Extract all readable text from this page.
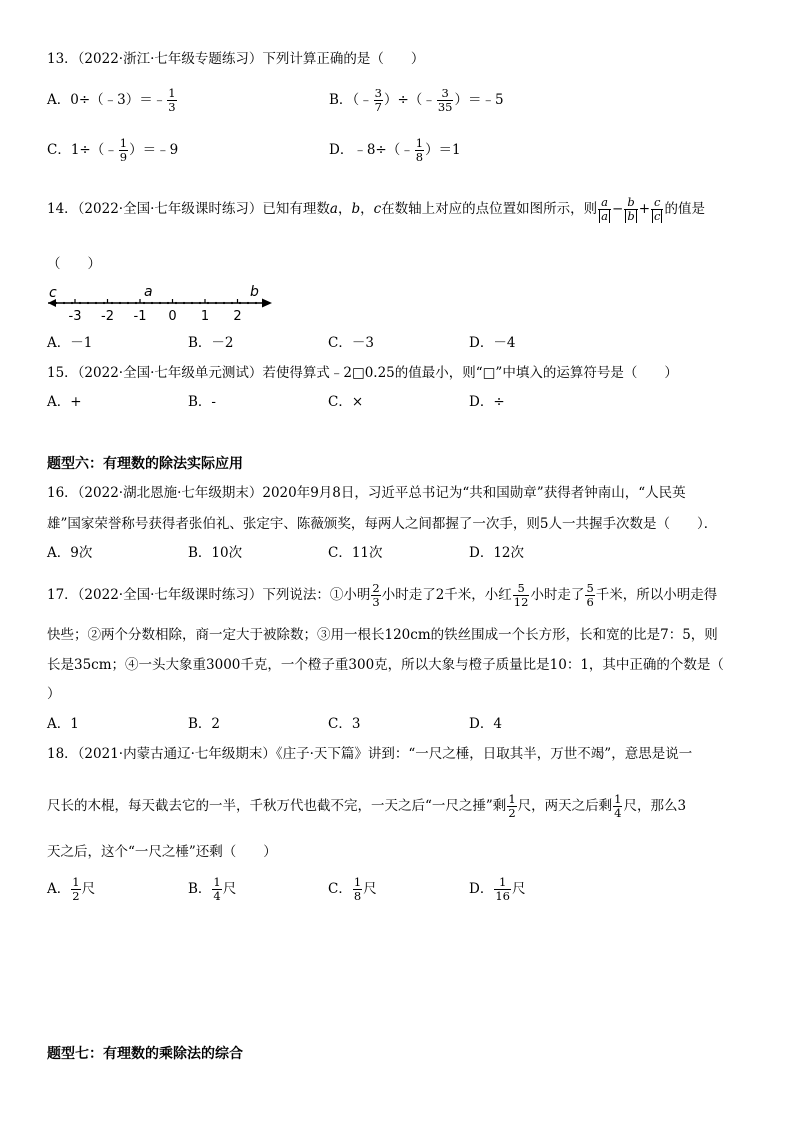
13．（2022·浙江·七年级专题练习）下列计算正确的是（　　）
A．0÷（﹣3）＝﹣ $\frac{1}{3}$	B．（﹣ $\frac{3}{7}$ ）÷（﹣ $\frac{3}{35}$ ）＝﹣5
C．1÷（﹣ $\frac{1}{9}$ ）＝﹣9	D．﹣8÷（﹣ $\frac{1}{8} )=1$
14．（2022·全国·七年级课时练习）已知有理数a，b，c在数轴上对应的点位置如图所示，则 $\frac{a}{a} - \frac{b}{b} + \frac{c}{c}$ 的值是
（　　）
c	a	b
-3 -2 -1 0 1 2
A．－1	B．－2	C．－3	D．－4
15．（2022·全国·七年级单元测试）若使得算式﹣2□0.25的值最小，则“□”中填入的运算符号是（　　）
A．+	B．-	C．×	D．÷
题型六：有理数的除法实际应用
16．（2022·湖北恩施·七年级期末）2020年9月8日，习近平总书记为“共和国勋章”获得者钟南山，“人民英
雄”国家荣誉称号获得者张伯礼、张定宇、陈薇颁奖，每两人之间都握了一次手，则5人一共握手次数是（　　）．
A．9次	B．10次	C．11次	D．12次
17．（2022·全国·七年级课时练习）下列说法：①小明 $\frac{2}{3}$ 小时走了2千米，小红 $\frac{5}{12}$ 小时走了 $\frac{5}{6}$ 千米，所以小明走得
快些；②两个分数相除，商一定大于被除数；③用一根长120cm的铁丝围成一个长方形，长和宽的比是7：5，则
长是35cm；④一头大象重3000千克，一个橙子重300克，所以大象与橙子质量比是10：1，其中正确的个数是（
）
A．1	B．2	C．3	D．4
18．（2021·内蒙古通辽·七年级期末）《庄子·天下篇》讲到：“一尺之棰，日取其半，万世不竭”，意思是说一
尺长的木棍，每天截去它的一半，千秋万代也截不完，一天之后“一尺之捶”剩 $\frac{1}{2}$ 尺，两天之后剩 $\frac{1}{4}$ 尺，那么3
天之后，这个“一尺之棰”还剩（　　）
A． $\frac{1}{2}$ 尺	B． $\frac{1}{4}$ 尺	C． $\frac{1}{8}$ 尺	D． $\frac{1}{16}$ 尺
题型七：有理数的乘除法的综合
